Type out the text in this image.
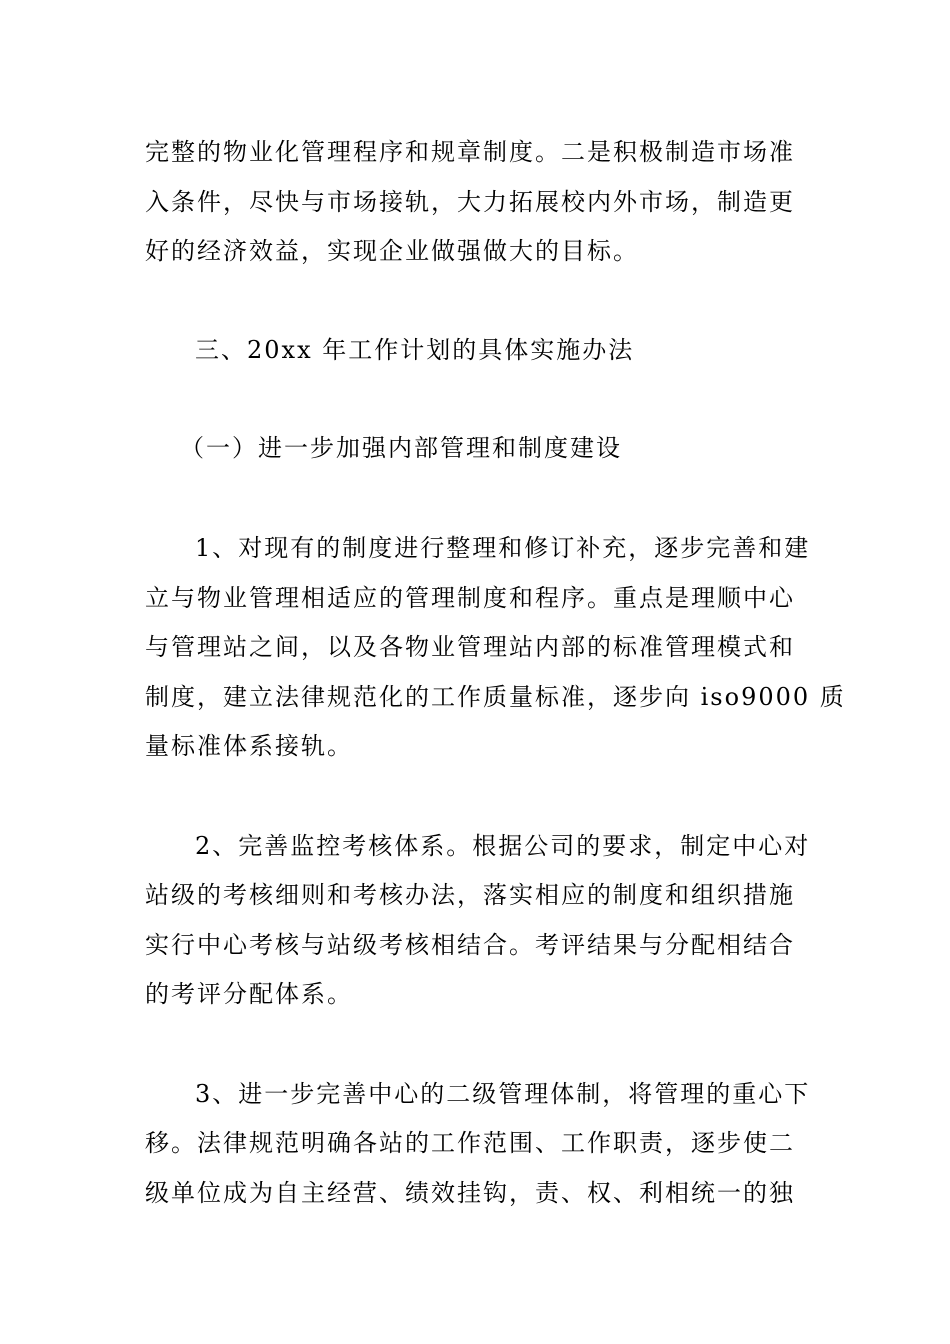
完整的物业化管理程序和规章制度。二是积极制造市场准
入条件，尽快与市场接轨，大力拓展校内外市场，制造更
好的经济效益，实现企业做强做大的目标。
三、20xx 年工作计划的具体实施办法
（一）进一步加强内部管理和制度建设
1、对现有的制度进行整理和修订补充，逐步完善和建
立与物业管理相适应的管理制度和程序。重点是理顺中心
与管理站之间，以及各物业管理站内部的标准管理模式和
制度，建立法律规范化的工作质量标准，逐步向 iso9000 质
量标准体系接轨。
2、完善监控考核体系。根据公司的要求，制定中心对
站级的考核细则和考核办法，落实相应的制度和组织措施
实行中心考核与站级考核相结合。考评结果与分配相结合
的考评分配体系。
3、进一步完善中心的二级管理体制，将管理的重心下
移。法律规范明确各站的工作范围、工作职责，逐步使二
级单位成为自主经营、绩效挂钩，责、权、利相统一的独
